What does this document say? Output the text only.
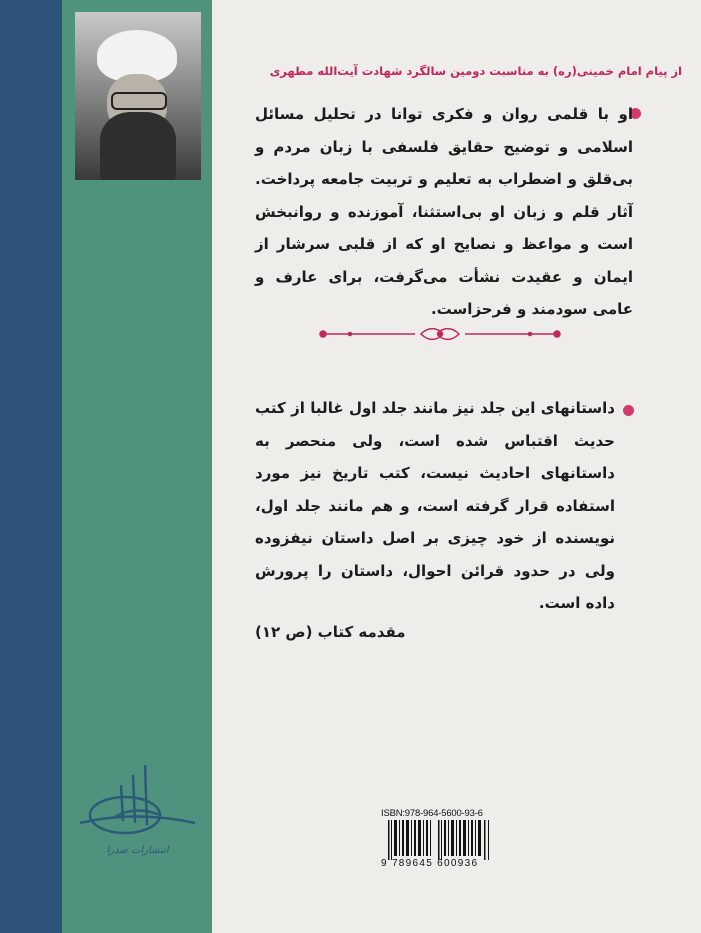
از پیام امام خمینی(ره) به مناسبت دومین سالگرد شهادت آیت‌الله مطهری
او با قلمی روان و فکری توانا در تحلیل مسائل اسلامی و توضیح حقایق فلسفی با زبان مردم و بی‌قلق و اضطراب به تعلیم و تربیت جامعه پرداخت. آثار قلم و زبان او بی‌استثنا، آموزنده و روانبخش است و مواعظ و نصایح او که از قلبی سرشار از ایمان و عقیدت نشأت می‌گرفت، برای عارف و عامی سودمند و فرحزاست.
داستانهای این جلد نیز مانند جلد اول غالبا از کتب حدیث اقتباس شده است، ولی منحصر به داستانهای احادیث نیست، کتب تاریخ نیز مورد استفاده قرار گرفته است، و هم مانند جلد اول، نویسنده از خود چیزی بر اصل داستان نیفزوده ولی در حدود قرائن احوال، داستان را پرورش داده است.
مقدمه کتاب (ص ۱۲)
انتشارات صدرا
ISBN:978-964-5600-93-6
9 789645 600936
